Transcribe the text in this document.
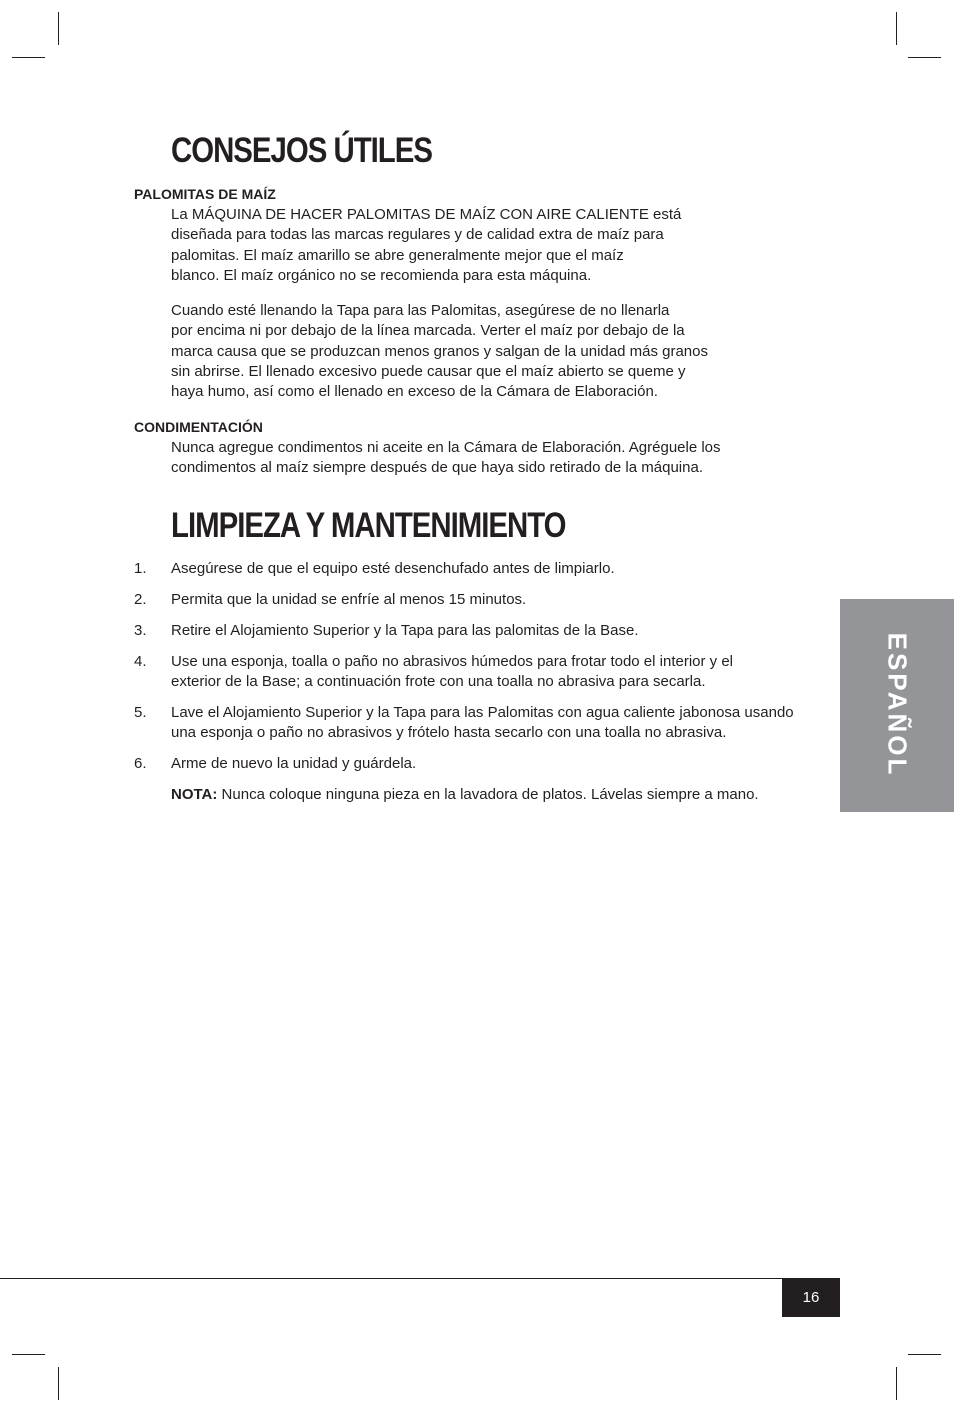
CONSEJOS ÚTILES
PALOMITAS DE MAÍZ

La MÁQUINA DE HACER PALOMITAS DE MAÍZ CON AIRE CALIENTE está
diseñada para todas las marcas regulares y de calidad extra de maíz para
palomitas. El maíz amarillo se abre generalmente mejor que el maíz
blanco. El maíz orgánico no se recomienda para esta máquina.

Cuando esté llenando la Tapa para las Palomitas, asegúrese de no llenarla
por encima ni por debajo de la línea marcada. Verter el maíz por debajo de la
marca causa que se produzcan menos granos y salgan de la unidad más granos
sin abrirse. El llenado excesivo puede causar que el maíz abierto se queme y
haya humo, así como el llenado en exceso de la Cámara de Elaboración.

CONDIMENTACIÓN

Nunca agregue condimentos ni aceite en la Cámara de Elaboración. Agréguele los
condimentos al maíz siempre después de que haya sido retirado de la máquina.

LIMPIEZA Y MANTENIMIENTO
1. Asegúrese de que el equipo esté desenchufado antes de limpiarlo.
2. Permita que la unidad se enfríe al menos 15 minutos.
3. Retire el Alojamiento Superior y la Tapa para las palomitas de la Base.
4. Use una esponja, toalla o paño no abrasivos húmedos para frotar todo el interior y el exterior de la Base; a continuación frote con una toalla no abrasiva para secarla.
5. Lave el Alojamiento Superior y la Tapa para las Palomitas con agua caliente jabonosa usando una esponja o paño no abrasivos y frótelo hasta secarlo con una toalla no abrasiva.
6. Arme de nuevo la unidad y guárdela.

NOTA: Nunca coloque ninguna pieza en la lavadora de platos. Lávelas siempre a mano.

ESPAÑOL
16
